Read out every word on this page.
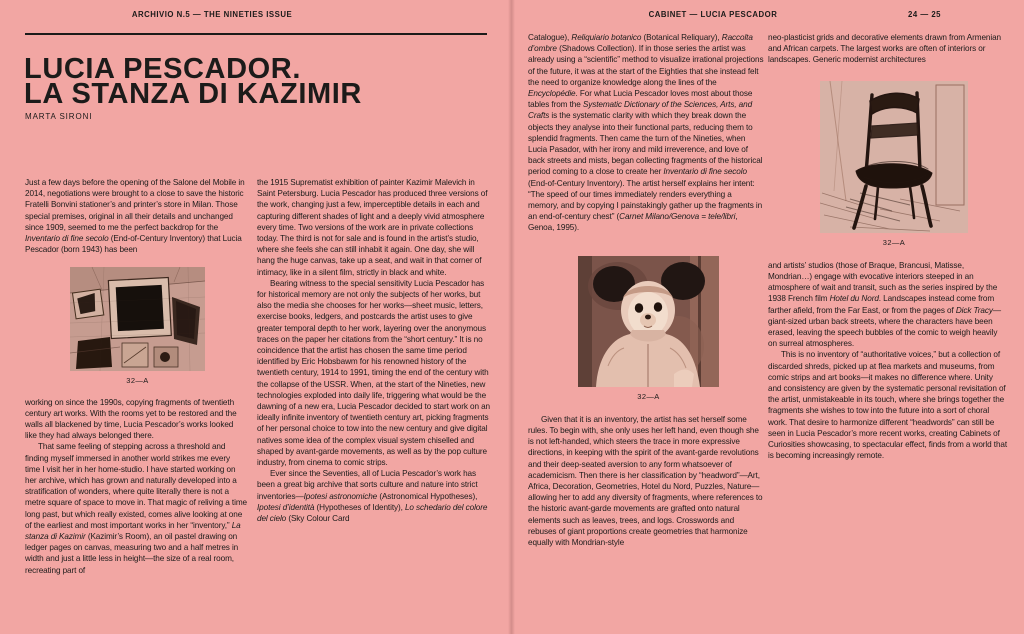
ARCHIVIO N.5 — THE NINETIES ISSUE	CABINET — LUCIA PESCADOR	24 — 25
LUCIA PESCADOR.
LA STANZA DI KAZIMIR
MARTA SIRONI

Just a few days before the opening of the Salone del Mobile in 2014, negotiations were brought to a close to save the historic Fratelli Bonvini stationer’s and printer’s store in Milan. Those special premises, original in all their details and unchanged since 1909, seemed to me the perfect backdrop for the Inventario di fine secolo (End-of-Century Inventory) that Lucia Pescador (born 1943) has been

32—A

working on since the 1990s, copying fragments of twentieth century art works. With the rooms yet to be restored and the walls all blackened by time, Lucia Pescador’s works looked like they had always belonged there.

That same feeling of stepping across a threshold and finding myself immersed in another world strikes me every time I visit her in her home-studio. I have started working on her archive, which has grown and naturally developed into a stratification of wonders, where quite literally there is not a metre square of space to move in. That magic of reliving a time long past, but which really existed, comes alive looking at one of the earliest and most important works in her “inventory,” La stanza di Kazimir (Kazimir’s Room), an oil pastel drawing on ledger pages on canvas, measuring two and a half metres in width and just a little less in height—the size of a real room, recreating part of

the 1915 Suprematist exhibition of painter Kazimir Malevich in Saint Petersburg. Lucia Pescador has produced three versions of the work, changing just a few, imperceptible details in each and capturing different shades of light and a deeply vivid atmosphere every time. Two versions of the work are in private collections today. The third is not for sale and is found in the artist’s studio, where she feels she can still inhabit it again. One day, she will hang the huge canvas, take up a seat, and wait in that corner of intimacy, like in a silent film, strictly in black and white.

Bearing witness to the special sensitivity Lucia Pescador has for historical memory are not only the subjects of her works, but also the media she chooses for her works—sheet music, letters, exercise books, ledgers, and postcards the artist uses to give greater temporal depth to her work, layering over the anonymous traces on the paper her citations from the “short century.” It is no coincidence that the artist has chosen the same time period identified by Eric Hobsbawm for his renowned history of the twentieth century, 1914 to 1991, timing the end of the century with the collapse of the USSR. When, at the start of the Nineties, new technologies exploded into daily life, triggering what would be the dawning of a new era, Lucia Pescador decided to start work on an ideally infinite inventory of twentieth century art, picking fragments of her personal choice to tow into the new century and give digital natives some idea of the complex visual system chiselled and shaped by avant-garde movements, as well as by the pop culture industry, from cinema to comic strips.

Ever since the Seventies, all of Lucia Pescador’s work has been a great big archive that sorts culture and nature into strict inventories—Ipotesi astronomiche (Astronomical Hypotheses), Ipotesi d’identità (Hypotheses of Identity), Lo schedario del colore del cielo (Sky Colour Card

Catalogue), Reliquiario botanico (Botanical Reliquary), Raccolta d’ombre (Shadows Collection). If in those series the artist was already using a “scientific” method to visualize irrational projections of the future, it was at the start of the Eighties that she instead felt the need to organize knowledge along the lines of the Encyclopédie. For what Lucia Pescador loves most about those tables from the Systematic Dictionary of the Sciences, Arts, and Crafts is the systematic clarity with which they break down the objects they analyse into their functional parts, reducing them to splendid fragments. Then came the turn of the Nineties, when Lucia Pasador, with her irony and mild irreverence, and love of back streets and mists, began collecting fragments of the historical period coming to a close to create her Inventario di fine secolo (End-of-Century Inventory). The artist herself explains her intent: “The speed of our times immediately renders everything a memory, and by copying I painstakingly gather up the fragments in an end-of-century chest” (Carnet Milano/Genova = tele/libri, Genoa, 1995).

32—A

Given that it is an inventory, the artist has set herself some rules. To begin with, she only uses her left hand, even though she is not left-handed, which steers the trace in more expressive directions, in keeping with the spirit of the avant-garde revolutions and their deep-seated aversion to any form whatsoever of academicism. Then there is her classification by “headword”—Art, Africa, Decoration, Geometries, Hotel du Nord, Puzzles, Nature—allowing her to add any diversity of fragments, where references to the historic avant-garde movements are grafted onto natural elements such as leaves, trees, and logs. Crosswords and rebuses of giant proportions create geometries that harmonize equally with Mondrian-style

neo-plasticist grids and decorative elements drawn from Armenian and African carpets. The largest works are often of interiors or landscapes. Generic modernist architectures

32—A

and artists’ studios (those of Braque, Brancusi, Matisse, Mondrian…) engage with evocative interiors steeped in an atmosphere of wait and transit, such as the series inspired by the 1938 French film Hotel du Nord. Landscapes instead come from farther afield, from the Far East, or from the pages of Dick Tracy—giant-sized urban back streets, where the characters have been erased, leaving the speech bubbles of the comic to weigh heavily on surreal atmospheres.

This is no inventory of “authoritative voices,” but a collection of discarded shreds, picked up at flea markets and museums, from comic strips and art books—it makes no difference where. Unity and consistency are given by the systematic personal revisitation of the artist, unmistakeable in its touch, where she brings together the fragments she wishes to tow into the future into a sort of choral work. That desire to harmonize different “headwords” can still be seen in Lucia Pescador’s more recent works, creating Cabinets of Curiosities showcasing, to spectacular effect, finds from a world that is becoming increasingly remote.
